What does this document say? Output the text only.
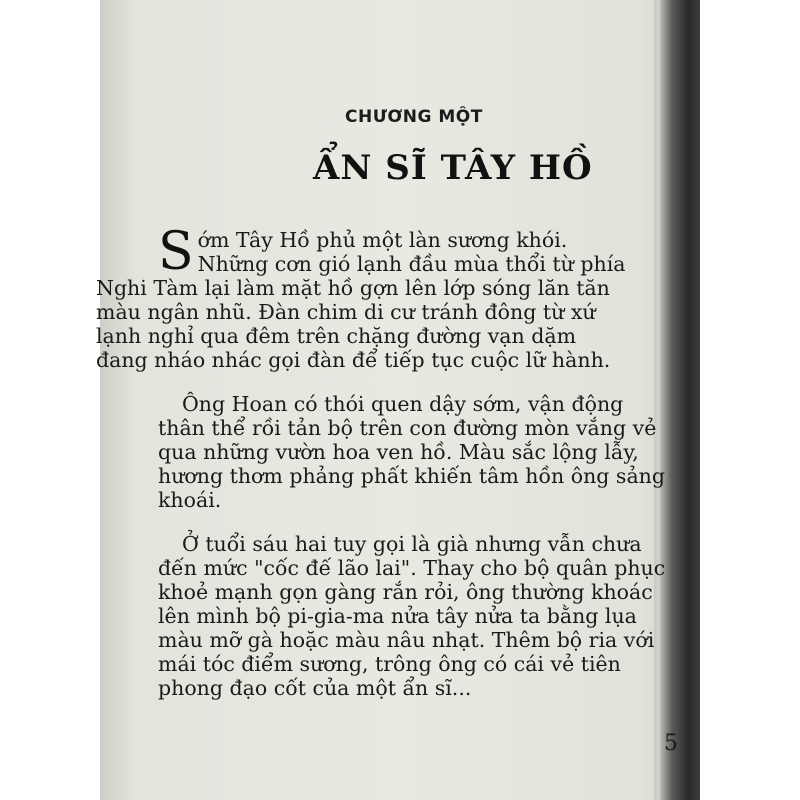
CHƯƠNG MỘT
ẨN SĨ TÂY HỒ
S ớm Tây Hồ phủ một làn sương khói.
Những cơn gió lạnh đầu mùa thổi từ phía
Nghi Tàm lại làm mặt hồ gợn lên lớp sóng lăn tăn
màu ngân nhũ. Đàn chim di cư tránh đông từ xứ
lạnh nghỉ qua đêm trên chặng đường vạn dặm
đang nháo nhác gọi đàn để tiếp tục cuộc lữ hành.
Ông Hoan có thói quen dậy sớm, vận động
thân thể rồi tản bộ trên con đường mòn vắng vẻ
qua những vườn hoa ven hồ. Màu sắc lộng lẫy,
hương thơm phảng phất khiến tâm hồn ông sảng
khoái.
Ở tuổi sáu hai tuy gọi là già nhưng vẫn chưa
đến mức "cốc đế lão lai". Thay cho bộ quân phục
khoẻ mạnh gọn gàng rắn rỏi, ông thường khoác
lên mình bộ pi-gia-ma nửa tây nửa ta bằng lụa
màu mỡ gà hoặc màu nâu nhạt. Thêm bộ ria với
mái tóc điểm sương, trông ông có cái vẻ tiên
phong đạo cốt của một ẩn sĩ...
5
